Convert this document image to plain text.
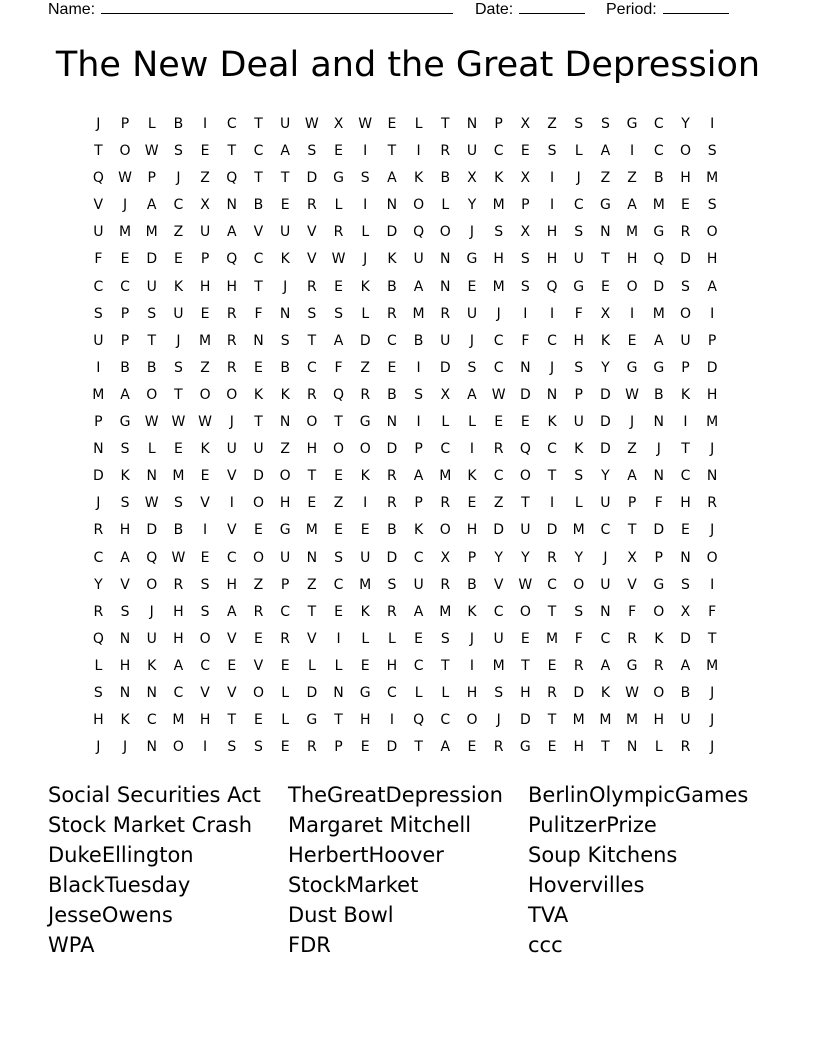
Name:	Date:	Period:
The New Deal and the Great Depression
J	P	L	B	I	C	T	U	W	X	W	E	L	T	N	P	X	Z	S	S	G	C	Y	I
T	O	W	S	E	T	C	A	S	E	I	T	I	R	U	C	E	S	L	A	I	C	O	S
Q	W	P	J	Z	Q	T	T	D	G	S	A	K	B	X	K	X	I	J	Z	Z	B	H	M
V	J	A	C	X	N	B	E	R	L	I	N	O	L	Y	M	P	I	C	G	A	M	E	S
U	M	M	Z	U	A	V	U	V	R	L	D	Q	O	J	S	X	H	S	N	M	G	R	O
F	E	D	E	P	Q	C	K	V	W	J	K	U	N	G	H	S	H	U	T	H	Q	D	H
C	C	U	K	H	H	T	J	R	E	K	B	A	N	E	M	S	Q	G	E	O	D	S	A
S	P	S	U	E	R	F	N	S	S	L	R	M	R	U	J	I	I	F	X	I	M	O	I
U	P	T	J	M	R	N	S	T	A	D	C	B	U	J	C	F	C	H	K	E	A	U	P
I	B	B	S	Z	R	E	B	C	F	Z	E	I	D	S	C	N	J	S	Y	G	G	P	D
M	A	O	T	O	O	K	K	R	Q	R	B	S	X	A	W	D	N	P	D	W	B	K	H
P	G	W W W	J	T	N	O	T	G	N	I	L	L	E	E	K	U	D	J	N	I	M
N	S	L	E	K	U	U	Z	H	O	O	D	P	C	I	R	Q	C	K	D	Z	J	T	J
D	K	N	M	E	V	D	O	T	E	K	R	A	M	K	C	O	T	S	Y	A	N	C	N
J	S	W	S	V	I	O	H	E	Z	I	R	P	R	E	Z	T	I	L	U	P	F	H	R
R	H	D	B	I	V	E	G	M	E	E	B	K	O	H	D	U	D	M	C	T	D	E	J
C	A	Q	W	E	C	O	U	N	S	U	D	C	X	P	Y	Y	R	Y	J	X	P	N	O
Y	V	O	R	S	H	Z	P	Z	C	M	S	U	R	B	V	W	C	O	U	V	G	S	I
R	S	J	H	S	A	R	C	T	E	K	R	A	M	K	C	O	T	S	N	F	O	X	F
Q	N	U	H	O	V	E	R	V	I	L	L	E	S	J	U	E	M	F	C	R	K	D	T
L	H	K	A	C	E	V	E	L	L	E	H	C	T	I	M	T	E	R	A	G	R	A	M
S	N	N	C	V	V	O	L	D	N	G	C	L	L	H	S	H	R	D	K	W	O	B	J
H	K	C	M	H	T	E	L	G	T	H	I	Q	C	O	J	D	T	M	M	M	H	U	J
J	J	N	O	I	S	S	E	R	P	E	D	T	A	E	R	G	E	H	T	N	L	R	J
Social Securities Act	TheGreatDepression	BerlinOlympicGames
Stock Market Crash	Margaret Mitchell	PulitzerPrize
DukeEllington	HerbertHoover	Soup Kitchens
BlackTuesday	StockMarket	Hovervilles
JesseOwens	Dust Bowl	TVA
WPA	FDR	ccc
